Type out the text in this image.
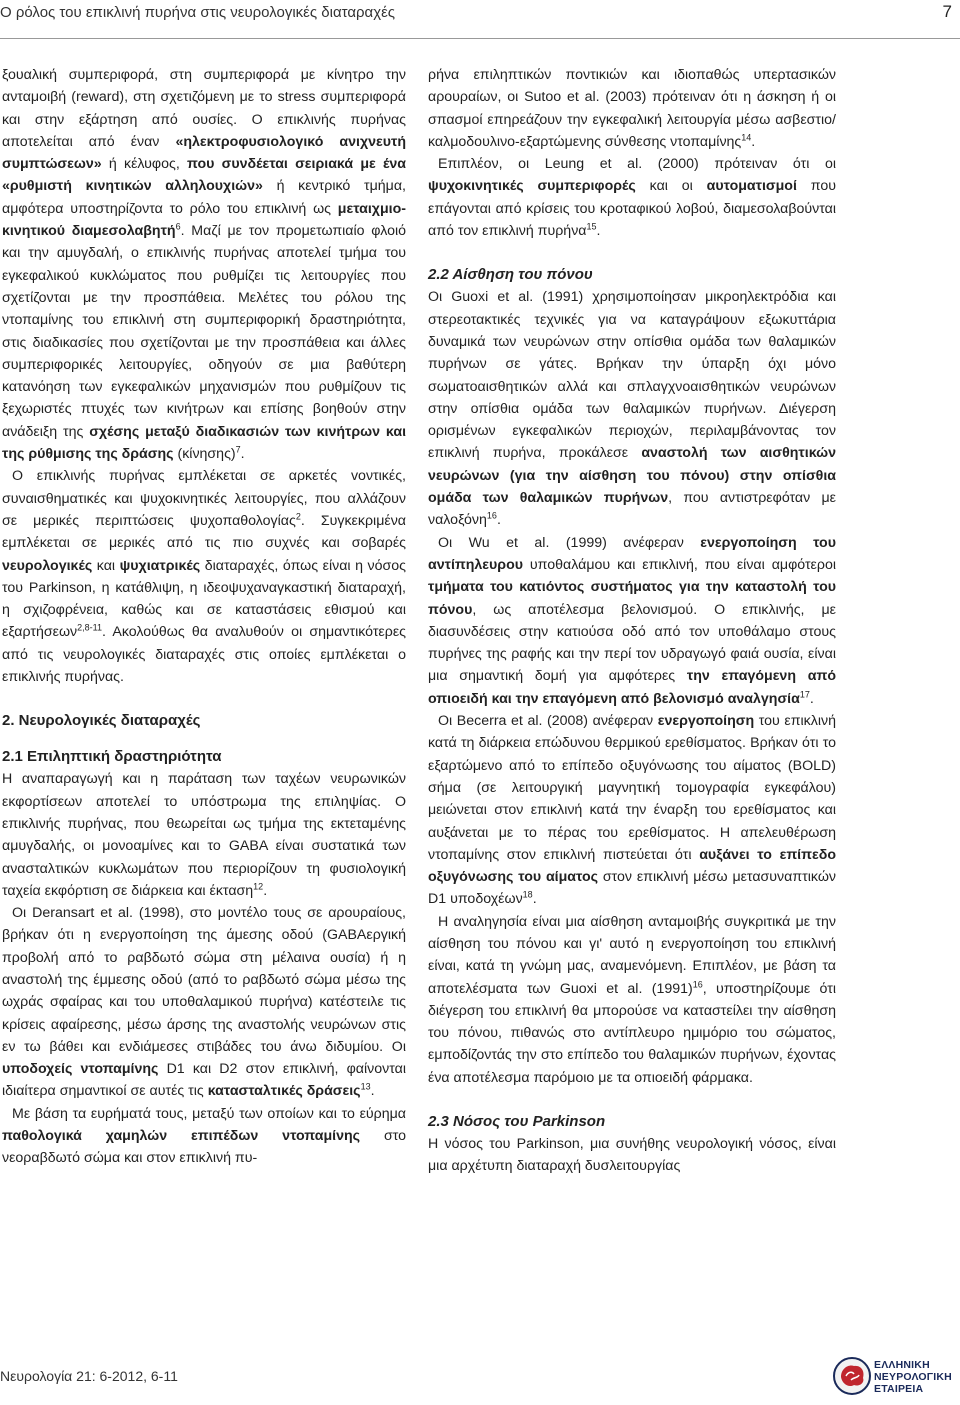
Ο ρόλος του επικλινή πυρήνα στις νευρολογικές διαταραχές	7

ξουαλική συμπεριφορά, στη συμπεριφορά με κίνητρο την ανταμοιβή (reward), στη σχετιζόμενη με το stress συμπεριφορά και στην εξάρτηση από ουσίες. Ο επικλινής πυρήνας αποτελείται από έναν «ηλεκτροφυσιολογικό ανιχνευτή συμπτώσεων» ή κέλυφος, που συνδέεται σειριακά με ένα «ρυθμιστή κινητικών αλληλουχιών» ή κεντρικό τμήμα, αμφότερα υποστηρίζοντα το ρόλο του επικλινή ως μεταιχμιο-κινητικού διαμεσολαβητή$^6$. Μαζί με τον προμετωπιαίο φλοιό και την αμυγδαλή, ο επικλινής πυρήνας αποτελεί τμήμα του εγκεφαλικού κυκλώματος που ρυθμίζει τις λειτουργίες που σχετίζονται με την προσπάθεια. Μελέτες του ρόλου της ντοπαμίνης του επικλινή στη συμπεριφορική δραστηριότητα, στις διαδικασίες που σχετίζονται με την προσπάθεια και άλλες συμπεριφορικές λειτουργίες, οδηγούν σε μια βαθύτερη κατανόηση των εγκεφαλικών μηχανισμών που ρυθμίζουν τις ξεχωριστές πτυχές των κινήτρων και επίσης βοηθούν στην ανάδειξη της σχέσης μεταξύ διαδικασιών των κινήτρων και της ρύθμισης της δράσης $(\kappa ί\nu\eta\sigma\eta\varsigma)^7$.

Ο επικλινής πυρήνας εμπλέκεται σε αρκετές vοντικές, συναισθηματικές και ψυχοκινητικές λειτουργίες, που αλλάζουν σε μερικές περιπτώσεις ψυχοπαθολογίας$^2$. Συγκεκριμένα εμπλέκεται σε μερικές από τις πιο συχνές και σοβαρές νευρολογικές και ψυχιατρικές διαταραχές, όπως είναι η νόσος του Parkinson, η κατάθλιψη, η ιδεοψυχαναγκαστική διαταραχή, η σχιζοφρένεια, καθώς και σε καταστάσεις εθισμού και εξαρτήσεων$^{2,8-11}$. Ακολούθως θα αναλυθούν οι σημαντικότερες από τις νευρολογικές διαταραχές στις οποίες εμπλέκεται ο επικλινής πυρήνας.

2. Νευρολογικές διαταραχές
2.1 Επιληπτική δραστηριότητα

Η αναπαραγωγή και η παράταση των ταχέων νευρωνικών εκφορτίσεων αποτελεί το υπόστρωμα της επιληψίας. Ο επικλινής πυρήνας, που θεωρείται ως τμήμα της εκτεταμένης αμυγδαλής, οι μονοαμίνες και το GABA είναι συστατικά των ανασταλτικών κυκλωμάτων που περιορίζουν τη φυσιολογική ταχεία εκφόρτιση σε διάρκεια και έκταση$^{12}$.

Οι Deransart et al. (1998), στο μοντέλο τους σε αρουραίους, βρήκαν ότι η ενεργοποίηση της άμεσης οδού (GABAεργική προβολή από το ραβδωτό σώμα στη μέλαινα ουσία) ή η αναστολή της έμμεσης οδού (από το ραβδωτό σώμα μέσω της ωχράς σφαίρας και του υποθαλαμικού πυρήνα) κατέστειλε τις κρίσεις αφαίρεσης, μέσω άρσης της αναστολής νευρώνων στις εν τω βάθει και ενδιάμεσες στιβάδες του άνω διδυμίου. Οι υποδοχείς ντοπαμίνης D1 και D2 στον επικλινή, φαίνονται ιδιαίτερα σημαντικοί σε αυτές τις κατασταλτικές δράσεις$^{13}$.

Με βάση τα ευρήματά τους, μεταξύ των οποίων και το εύρημα παθολογικά χαμηλών επιπέδων ντοπαμίνης στο νεοραβδωτό σώμα και στον επικλινή πυ-

ρήνα επιληπτικών ποντικιών και ιδιοπαθώς υπερτασικών αρουραίων, οι Sutoo et al. (2003) πρότειναν ότι η άσκηση ή οι σπασμοί επηρεάζουν την εγκεφαλική λειτουργία μέσω ασβεστιο/καλμοδουλινο-εξαρτώμενης σύνθεσης ντοπαμίνης$^{14}$.

Επιπλέον, οι Leung et al. (2000) πρότειναν ότι οι ψυχοκινητικές συμπεριφορές και οι αυτοματισμοί που επάγονται από κρίσεις του κροταφικού λοβού, διαμεσολαβούνται από τον επικλινή πυρήνα$^{15}$.

2.2 Αίσθηση του πόνου

Οι Guoxi et al. (1991) χρησιμοποίησαν μικροηλεκτρόδια και στερεοτακτικές τεχνικές για να καταγράψουν εξωκυττάρια δυναμικά των νευρώνων στην οπίσθια ομάδα των θαλαμικών πυρήνων σε γάτες. Βρήκαν την ύπαρξη όχι μόνο σωματοαισθητικών αλλά και σπλαγχνοαισθητικών νευρώνων στην οπίσθια ομάδα των θαλαμικών πυρήνων. Διέγερση ορισμένων εγκεφαλικών περιοχών, περιλαμβάνοντας τον επικλινή πυρήνα, προκάλεσε αναστολή των αισθητικών νευρώνων (για την αίσθηση του πόνου) στην οπίσθια ομάδα των θαλαμικών πυρήνων, που αντιστρεφόταν με ναλοξόνη$^{16}$.

Οι Wu et al. (1999) ανέφεραν ενεργοποίηση του αντίπηλευρου υποθαλάμου και επικλινή, που είναι αμφότεροι τμήματα του κατιόντος συστήματος για την καταστολή του πόνου, ως αποτέλεσμα βελονισμού. Ο επικλινής, με διασυνδέσεις στην κατιούσα οδό από τον υποθάλαμο στους πυρήνες της ραφής και την περί τον υδραγωγό φαιά ουσία, είναι μια σημαντική δομή για αμφότερες την επαγόμενη από οπιοειδή και την επαγόμενη από βελονισμό αναλγησία$^{17}$.

Οι Becerra et al. (2008) ανέφεραν ενεργοποίηση του επικλινή κατά τη διάρκεια επώδυνου θερμικού ερεθίσματος. Βρήκαν ότι το εξαρτώμενο από το επίπεδο οξυγόνωσης του αίματος (BOLD) σήμα (σε λειτουργική μαγνητική τομογραφία εγκεφάλου) μειώνεται στον επικλινή κατά την έναρξη του ερεθίσματος και αυξάνεται με το πέρας του ερεθίσματος. Η απελευθέρωση ντοπαμίνης στον επικλινή πιστεύεται ότι αυξάνει το επίπεδο οξυγόνωσης του αίματος στον επικλινή μέσω μετασυναπτικών D1 υποδοχέων$^{18}$.

Η αναληγησία είναι μια αίσθηση ανταμοιβής συγκριτικά με την αίσθηση του πόνου και γι' αυτό η ενεργοποίηση του επικλινή είναι, κατά τη γνώμη μας, αναμενόμενη. Επιπλέον, με βάση τα αποτελέσματα των Guoxi et al. $(1991)^{16}$, υποστηρίζουμε ότι διέγερση του επικλινή θα μπορούσε να καταστείλει την αίσθηση του πόνου, πιθανώς στο αντίπλευρο ημιμόριο του σώματος, εμποδίζοντάς την στο επίπεδο του θαλαμικών πυρήνων, έχοντας ένα αποτέλεσμα παρόμοιο με τα οπιοειδή φάρμακα.

2.3 Νόσος του Parkinson

Η νόσος του Parkinson, μια συνήθης νευρολογική νόσος, είναι μια αρχέτυπη διαταραχή δυσλειτουργίας

Νευρολογία 21: 6-2012, 6-11
ΕΛΛΗΝΙΚΗ
ΝΕΥΡΟΛΟΓΙΚΗ
ΕΤΑΙΡΕΙΑ
